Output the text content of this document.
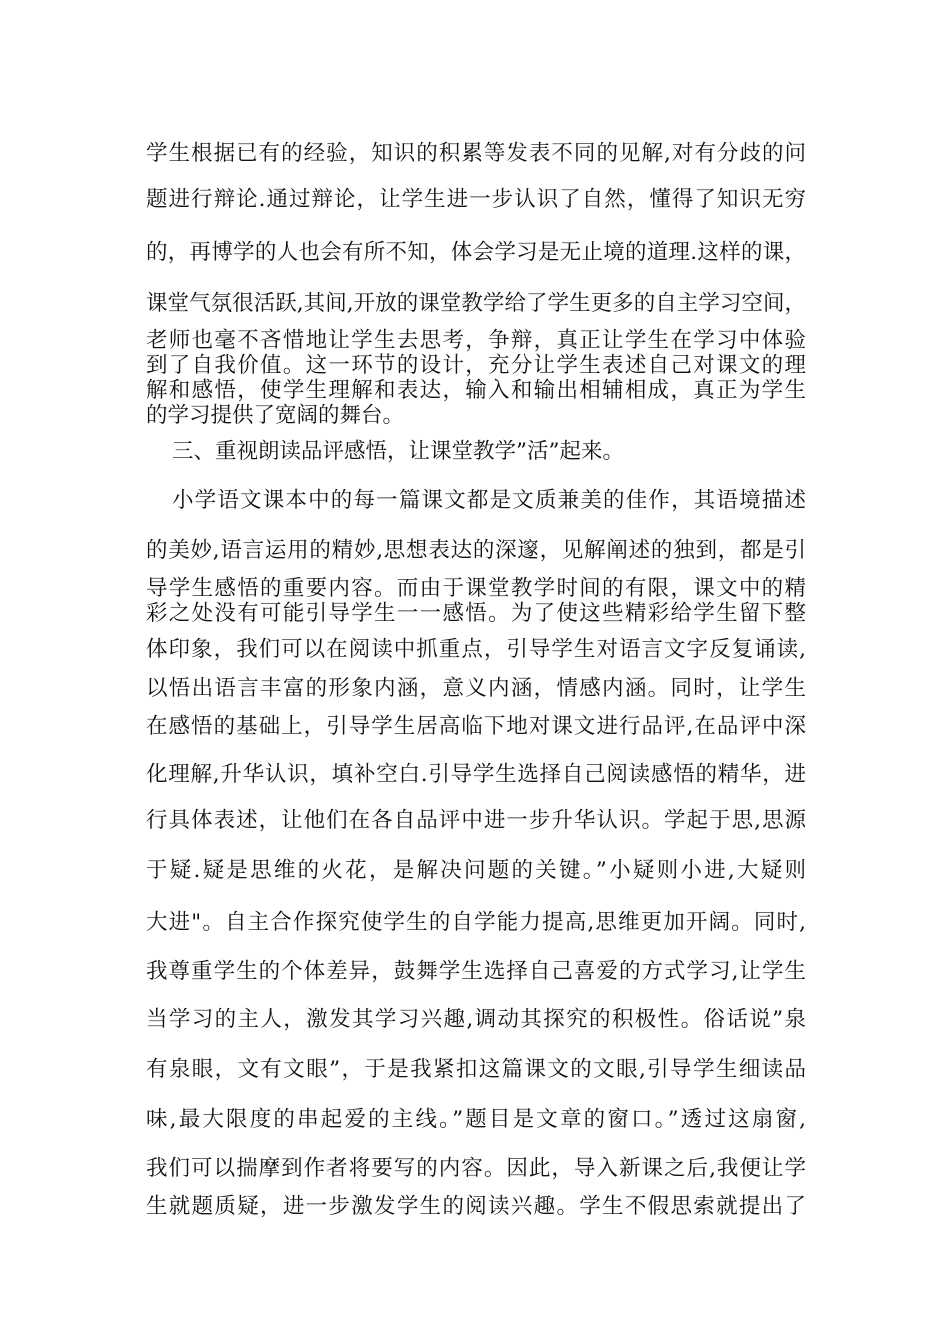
学生根据已有的经验，知识的积累等发表不同的见解,对有分歧的问
题进行辩论.通过辩论，让学生进一步认识了自然，懂得了知识无穷
的，再博学的人也会有所不知，体会学习是无止境的道理.这样的课，
课堂气氛很活跃,其间,开放的课堂教学给了学生更多的自主学习空间，
老师也毫不吝惜地让学生去思考，争辩，真正让学生在学习中体验
到了自我价值。这一环节的设计，充分让学生表述自己对课文的理
解和感悟，使学生理解和表达，输入和输出相辅相成，真正为学生
的学习提供了宽阔的舞台。
三、重视朗读品评感悟，让课堂教学”活”起来。
小学语文课本中的每一篇课文都是文质兼美的佳作，其语境描述
的美妙,语言运用的精妙,思想表达的深邃，见解阐述的独到，都是引
导学生感悟的重要内容。而由于课堂教学时间的有限，课文中的精
彩之处没有可能引导学生一一感悟。为了使这些精彩给学生留下整
体印象，我们可以在阅读中抓重点，引导学生对语言文字反复诵读,
以悟出语言丰富的形象内涵，意义内涵，情感内涵。同时，让学生
在感悟的基础上，引导学生居高临下地对课文进行品评,在品评中深
化理解,升华认识，填补空白.引导学生选择自己阅读感悟的精华，进
行具体表述，让他们在各自品评中进一步升华认识。学起于思,思源
于疑.疑是思维的火花，是解决问题的关键。”小疑则小进,大疑则
大进"。自主合作探究使学生的自学能力提高,思维更加开阔。同时,
我尊重学生的个体差异，鼓舞学生选择自己喜爱的方式学习,让学生
当学习的主人，激发其学习兴趣,调动其探究的积极性。俗话说”泉
有泉眼，文有文眼”，于是我紧扣这篇课文的文眼,引导学生细读品
味,最大限度的串起爱的主线。”题目是文章的窗口。”透过这扇窗,
我们可以揣摩到作者将要写的内容。因此，导入新课之后,我便让学
生就题质疑，进一步激发学生的阅读兴趣。学生不假思索就提出了
